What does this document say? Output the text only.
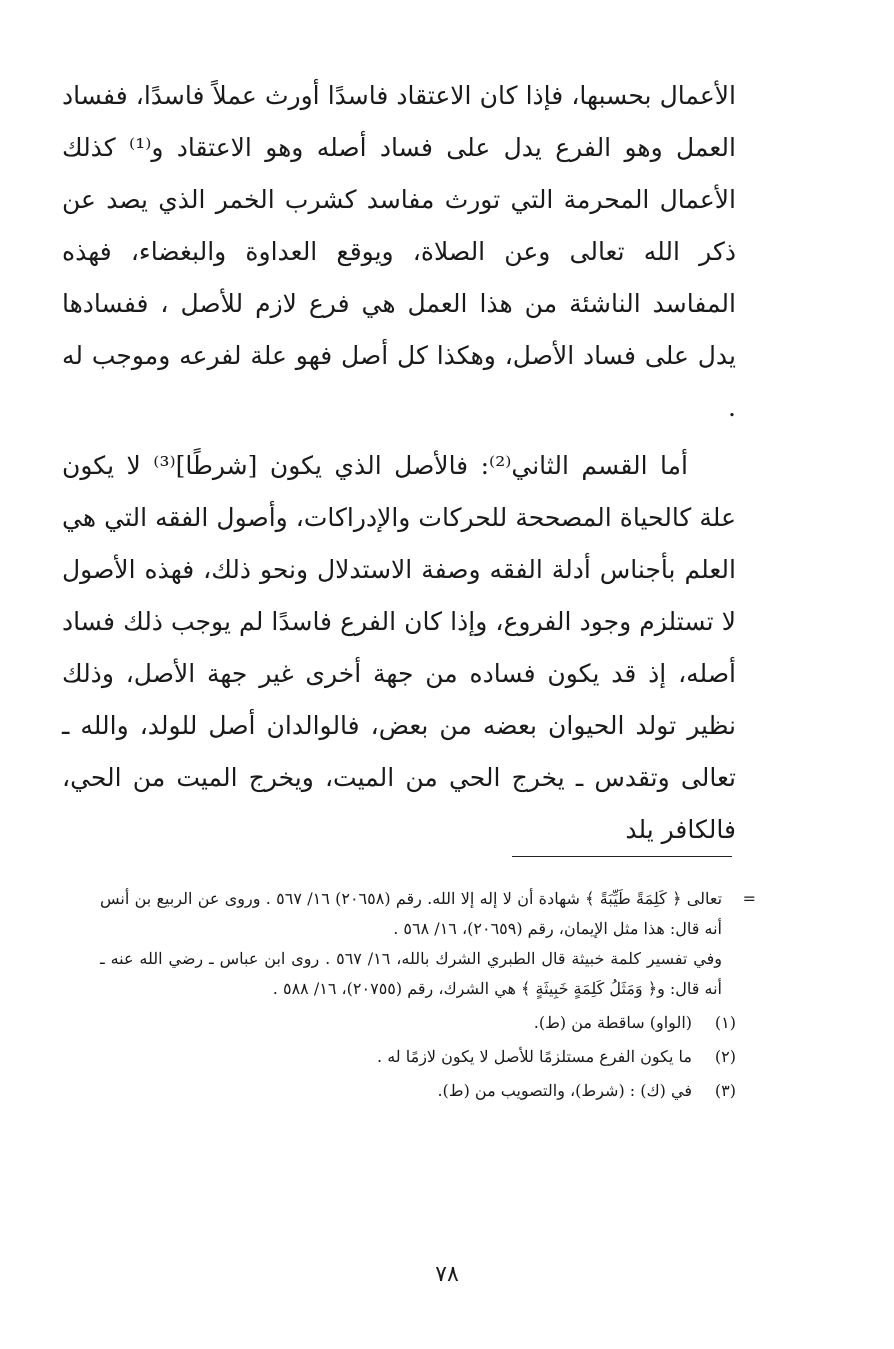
الأعمال بحسبها، فإذا كان الاعتقاد فاسدًا أورث عملاً فاسدًا، ففساد العمل وهو الفرع يدل على فساد أصله وهو الاعتقاد و⁽¹⁾ كذلك الأعمال المحرمة التي تورث مفاسد كشرب الخمر الذي يصد عن ذكر الله تعالى وعن الصلاة، ويوقع العداوة والبغضاء، فهذه المفاسد الناشئة من هذا العمل هي فرع لازم للأصل ، ففسادها يدل على فساد الأصل، وهكذا كل أصل فهو علة لفرعه وموجب له .

أما القسم الثاني⁽²⁾: فالأصل الذي يكون [شرطًا]⁽³⁾ لا يكون علة كالحياة المصححة للحركات والإدراكات، وأصول الفقه التي هي العلم بأجناس أدلة الفقه وصفة الاستدلال ونحو ذلك، فهذه الأصول لا تستلزم وجود الفروع، وإذا كان الفرع فاسدًا لم يوجب ذلك فساد أصله، إذ قد يكون فساده من جهة أخرى غير جهة الأصل، وذلك نظير تولد الحيوان بعضه من بعض، فالوالدان أصل للولد، والله ـ تعالى وتقدس ـ يخرج الحي من الميت، ويخرج الميت من الحي، فالكافر يلد

=

تعالى ﴿ كَلِمَةً طَيِّبَةً ﴾ شهادة أن لا إله إلا الله. رقم (٢٠٦٥٨) ١٦/ ٥٦٧ . وروى عن الربيع بن أنس أنه قال: هذا مثل الإيمان، رقم (٢٠٦٥٩)، ١٦/ ٥٦٨ .

وفي تفسير كلمة خبيثة قال الطبري الشرك بالله، ١٦/ ٥٦٧ . روى ابن عباس ـ رضي الله عنه ـ أنه قال: و﴿ وَمَثَلُ كَلِمَةٍ خَبِيثَةٍ ﴾ هي الشرك، رقم (٢٠٧٥٥)، ١٦/ ٥٨٨ .

(١)
(الواو) ساقطة من (ط).
(٢)
ما يكون الفرع مستلزمًا للأصل لا يكون لازمًا له .
(٣)
في (ك) : (شرط)، والتصويب من (ط).
٧٨
